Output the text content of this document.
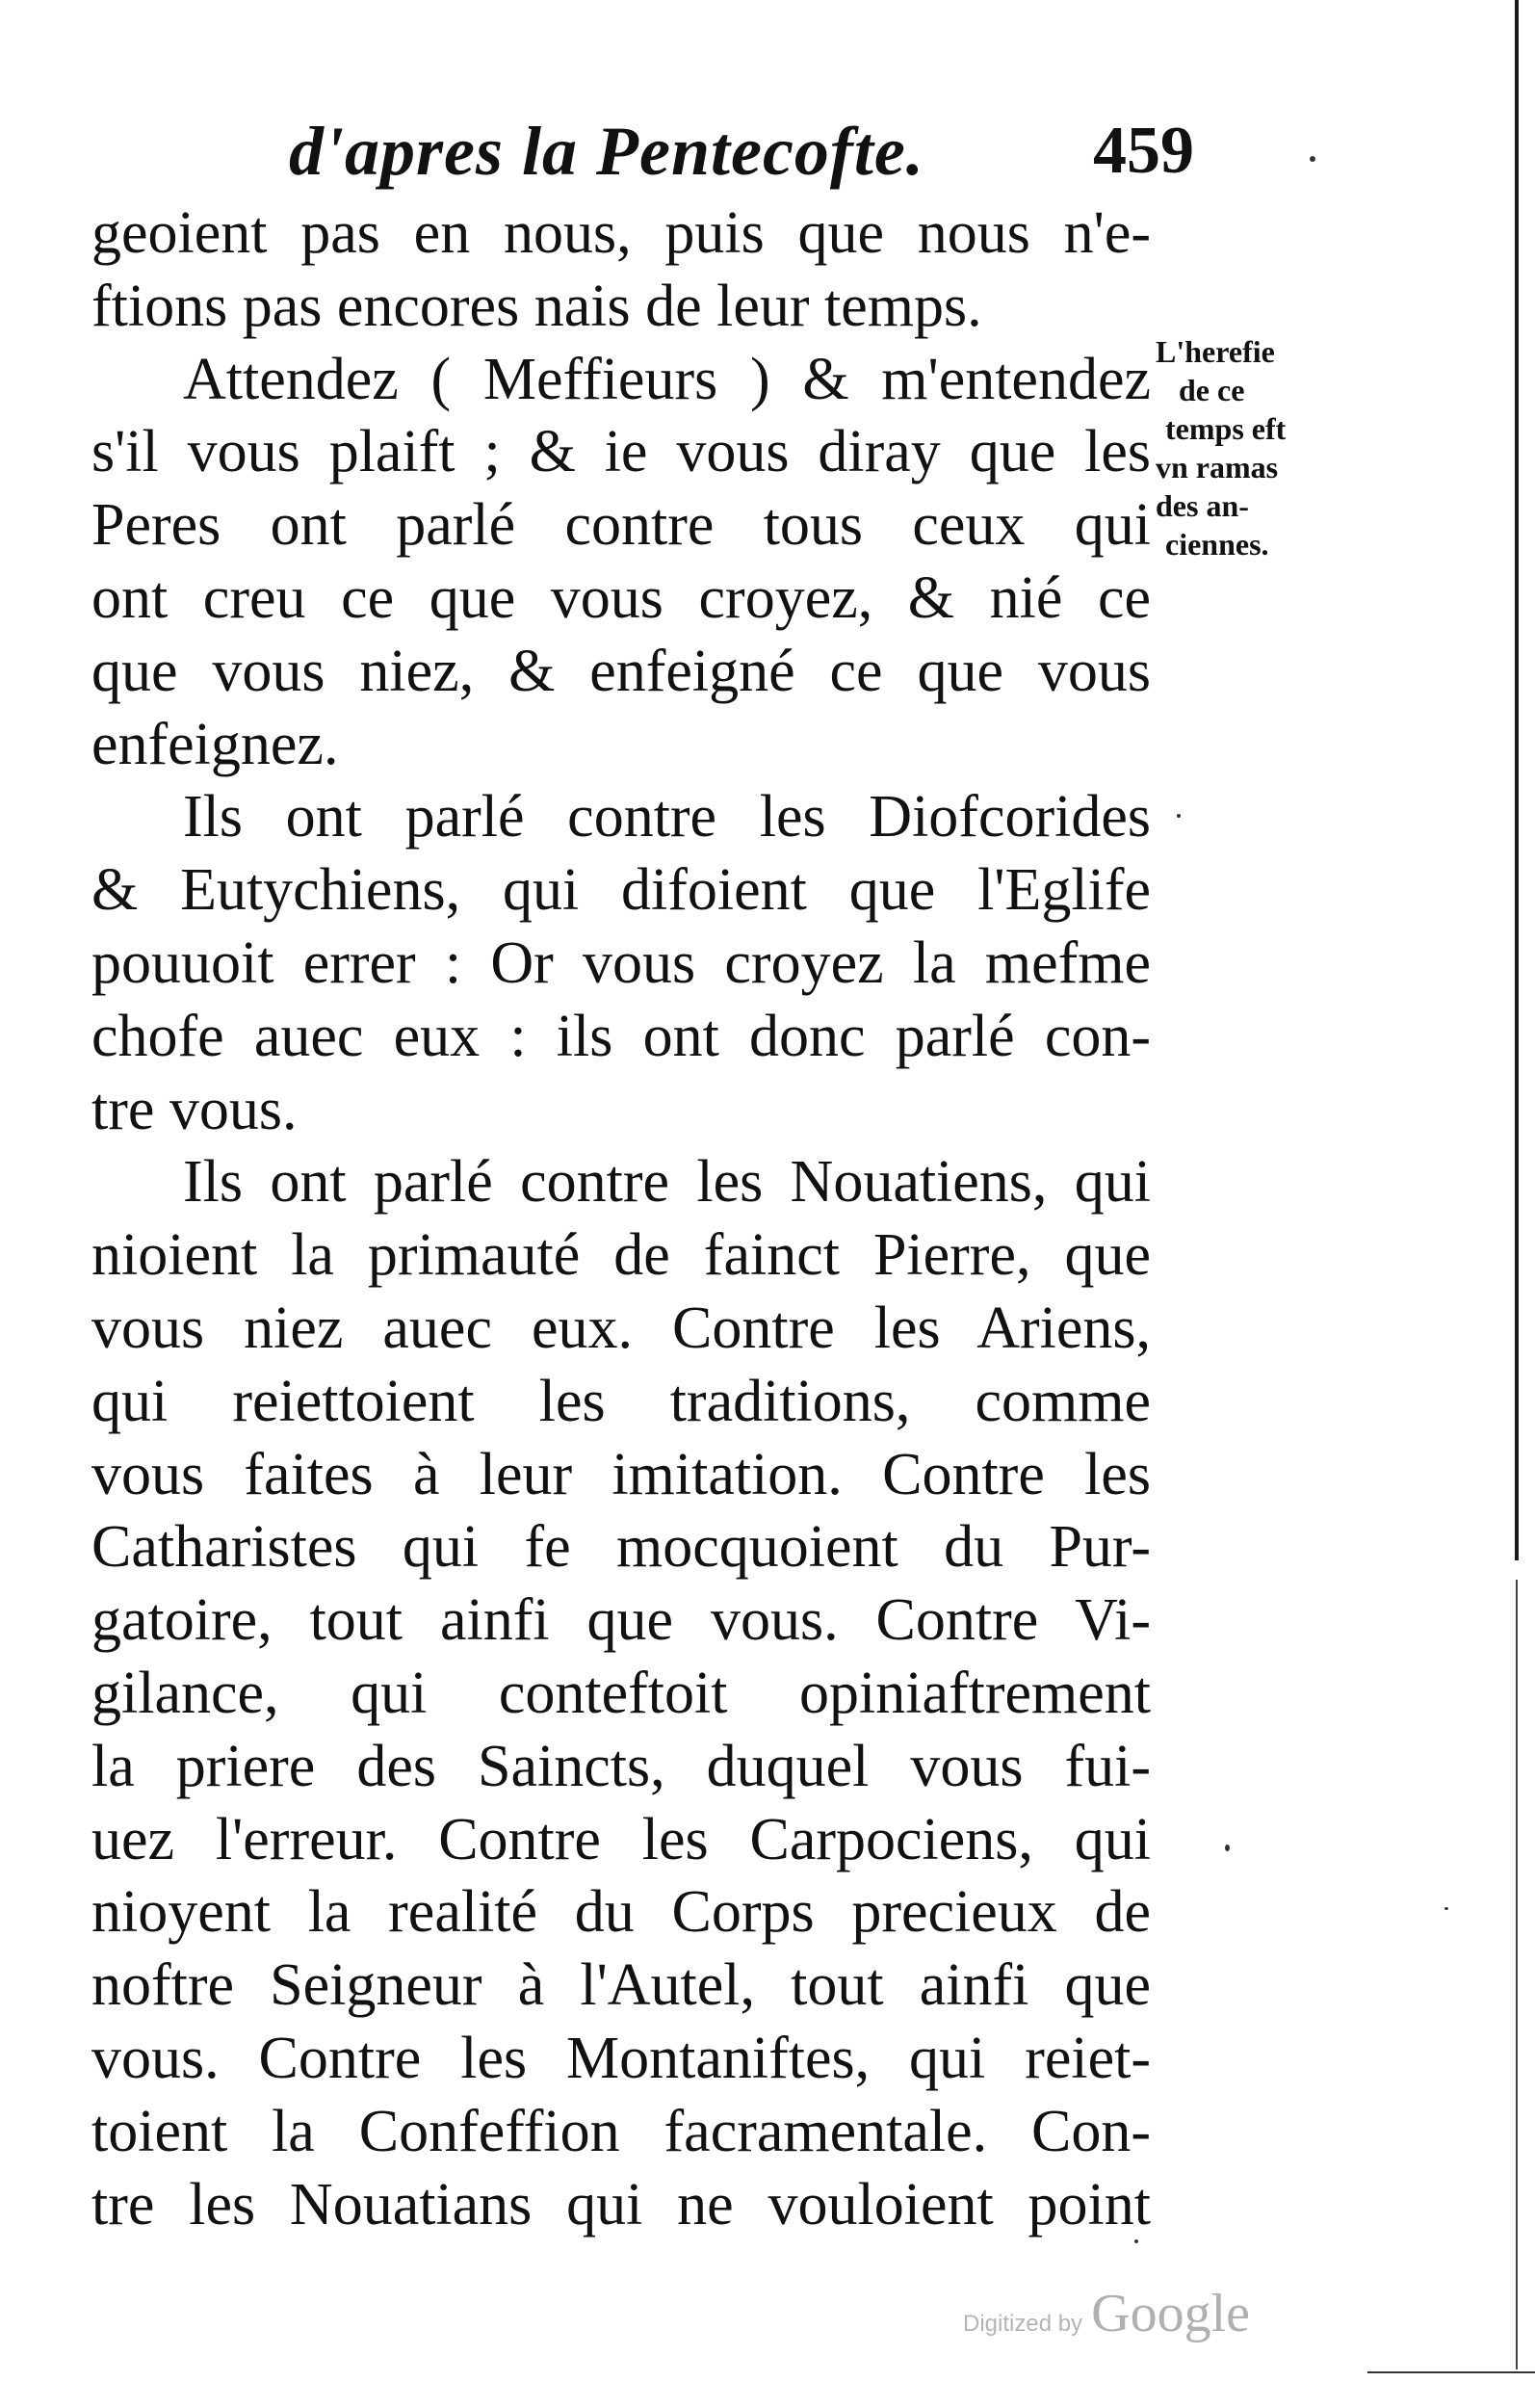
d'apres la Pentecofte.	459
geoient pas en nous, puis que nous n'e-
ftions pas encores nais de leur temps.
Attendez ( Meffieurs ) & m'entendez
s'il vous plaift ; & ie vous diray que les
Peres ont parlé contre tous ceux qui
ont creu ce que vous croyez, & nié ce
que vous niez, & enfeigné ce que vous
enfeignez.
Ils ont parlé contre les Diofcorides
& Eutychiens, qui difoient que l'Eglife
pouuoit errer : Or vous croyez la mefme
chofe auec eux : ils ont donc parlé con-
tre vous.
Ils ont parlé contre les Nouatiens, qui
nioient la primauté de fainct Pierre, que
vous niez auec eux. Contre les Ariens,
qui reiettoient les traditions, comme
vous faites à leur imitation. Contre les
Catharistes qui fe mocquoient du Pur-
gatoire, tout ainfi que vous. Contre Vi-
gilance, qui conteftoit opiniaftrement
la priere des Saincts, duquel vous fui-
uez l'erreur. Contre les Carpociens, qui
nioyent la realité du Corps precieux de
noftre Seigneur à l'Autel, tout ainfi que
vous. Contre les Montaniftes, qui reiet-
toient la Confeffion facramentale. Con-
tre les Nouatians qui ne vouloient point
L'herefie
de ce
temps eft
vn ramas
des an-
ciennes.
Digitized by Google
